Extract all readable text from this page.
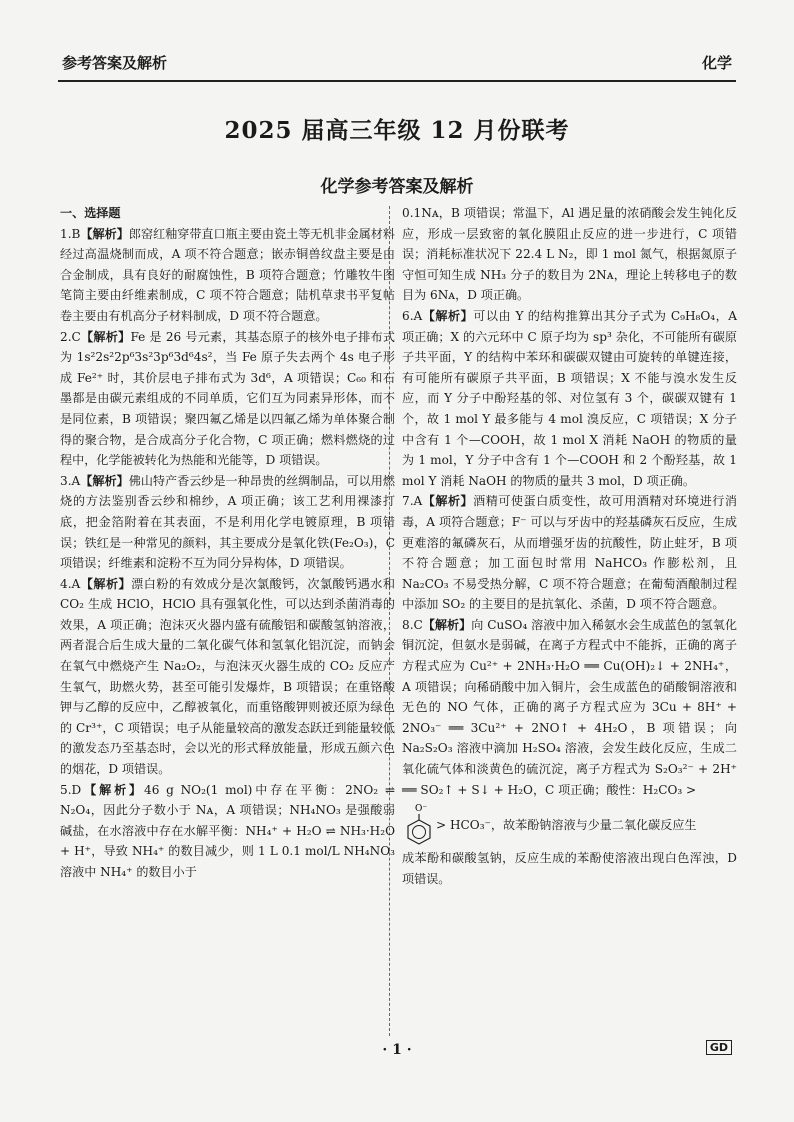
参考答案及解析	化学
2025 届高三年级 12 月份联考
化学参考答案及解析
一、选择题

1.B【解析】郎窑红釉穿带直口瓶主要由瓷土等无机非金属材料经过高温烧制而成，A 项不符合题意；嵌赤铜兽纹盘主要是由合金制成，具有良好的耐腐蚀性，B 项符合题意；竹雕牧牛图笔筒主要由纤维素制成，C 项不符合题意；陆机草隶书平复帖卷主要由有机高分子材料制成，D 项不符合题意。

2.C【解析】Fe 是 26 号元素，其基态原子的核外电子排布式为 1s²2s²2p⁶3s²3p⁶3d⁶4s²，当 Fe 原子失去两个 4s 电子形成 Fe²⁺ 时，其价层电子排布式为 3d⁶，A 项错误；C₆₀ 和石墨都是由碳元素组成的不同单质，它们互为同素异形体，而不是同位素，B 项错误；聚四氟乙烯是以四氟乙烯为单体聚合制得的聚合物，是合成高分子化合物，C 项正确；燃料燃烧的过程中，化学能被转化为热能和光能等，D 项错误。

3.A【解析】佛山特产香云纱是一种昂贵的丝绸制品，可以用燃烧的方法鉴别香云纱和棉纱，A 项正确；该工艺利用裸漆打底，把金箔附着在其表面，不是利用化学电镀原理，B 项错误；铁红是一种常见的颜料，其主要成分是氧化铁(Fe₂O₃)，C 项错误；纤维素和淀粉不互为同分异构体，D 项错误。

4.A【解析】漂白粉的有效成分是次氯酸钙，次氯酸钙遇水和 CO₂ 生成 HClO，HClO 具有强氧化性，可以达到杀菌消毒的效果，A 项正确；泡沫灭火器内盛有硫酸铝和碳酸氢钠溶液，两者混合后生成大量的二氧化碳气体和氢氧化铝沉淀，而钠会在氧气中燃烧产生 Na₂O₂，与泡沫灭火器生成的 CO₂ 反应产生氧气，助燃火势，甚至可能引发爆炸，B 项错误；在重铬酸钾与乙醇的反应中，乙醇被氧化，而重铬酸钾则被还原为绿色的 Cr³⁺，C 项错误；电子从能量较高的激发态跃迁到能量较低的激发态乃至基态时，会以光的形式释放能量，形成五颜六色的烟花，D 项错误。

5.D【解析】46 g NO₂(1 mol)中存在平衡：2NO₂ ⇌ N₂O₄，因此分子数小于 Nᴀ，A 项错误；NH₄NO₃ 是强酸弱碱盐，在水溶液中存在水解平衡：NH₄⁺ + H₂O ⇌ NH₃·H₂O + H⁺，导致 NH₄⁺ 的数目减少，则 1 L 0.1 mol/L NH₄NO₃ 溶液中 NH₄⁺ 的数目小于

0.1Nᴀ，B 项错误；常温下，Al 遇足量的浓硝酸会发生钝化反应，形成一层致密的氧化膜阻止反应的进一步进行，C 项错误；消耗标准状况下 22.4 L N₂，即 1 mol 氮气，根据氮原子守恒可知生成 NH₃ 分子的数目为 2Nᴀ，理论上转移电子的数目为 6Nᴀ，D 项正确。

6.A【解析】可以由 Y 的结构推算出其分子式为 C₉H₈O₄，A 项正确；X 的六元环中 C 原子均为 sp³ 杂化，不可能所有碳原子共平面，Y 的结构中苯环和碳碳双键由可旋转的单键连接，有可能所有碳原子共平面，B 项错误；X 不能与溴水发生反应，而 Y 分子中酚羟基的邻、对位氢有 3 个，碳碳双键有 1 个，故 1 mol Y 最多能与 4 mol 溴反应，C 项错误；X 分子中含有 1 个—COOH，故 1 mol X 消耗 NaOH 的物质的量为 1 mol，Y 分子中含有 1 个—COOH 和 2 个酚羟基，故 1 mol Y 消耗 NaOH 的物质的量共 3 mol，D 项正确。

7.A【解析】酒精可使蛋白质变性，故可用酒精对环境进行消毒，A 项符合题意；F⁻ 可以与牙齿中的羟基磷灰石反应，生成更难溶的氟磷灰石，从而增强牙齿的抗酸性，防止蛀牙，B 项不符合题意；加工面包时常用 NaHCO₃ 作膨松剂，且 Na₂CO₃ 不易受热分解，C 项不符合题意；在葡萄酒酿制过程中添加 SO₂ 的主要目的是抗氧化、杀菌，D 项不符合题意。

8.C【解析】向 CuSO₄ 溶液中加入稀氨水会生成蓝色的氢氧化铜沉淀，但氨水是弱碱，在离子方程式中不能拆，正确的离子方程式应为 Cu²⁺ + 2NH₃·H₂O ══ Cu(OH)₂↓ + 2NH₄⁺，A 项错误；向稀硝酸中加入铜片，会生成蓝色的硝酸铜溶液和无色的 NO 气体，正确的离子方程式应为 3Cu + 8H⁺ + 2NO₃⁻ ══ 3Cu²⁺ + 2NO↑ + 4H₂O，B 项错误；向 Na₂S₂O₃ 溶液中滴加 H₂SO₄ 溶液，会发生歧化反应，生成二氧化硫气体和淡黄色的硫沉淀，离子方程式为 S₂O₃²⁻ + 2H⁺ ══ SO₂↑ + S↓ + H₂O，C 项正确；酸性：H₂CO₃ >

O⁻
> HCO₃⁻，故苯酚钠溶液与少量二氧化碳反应生

成苯酚和碳酸氢钠，反应生成的苯酚使溶液出现白色浑浊，D 项错误。

· 1 ·	GD
